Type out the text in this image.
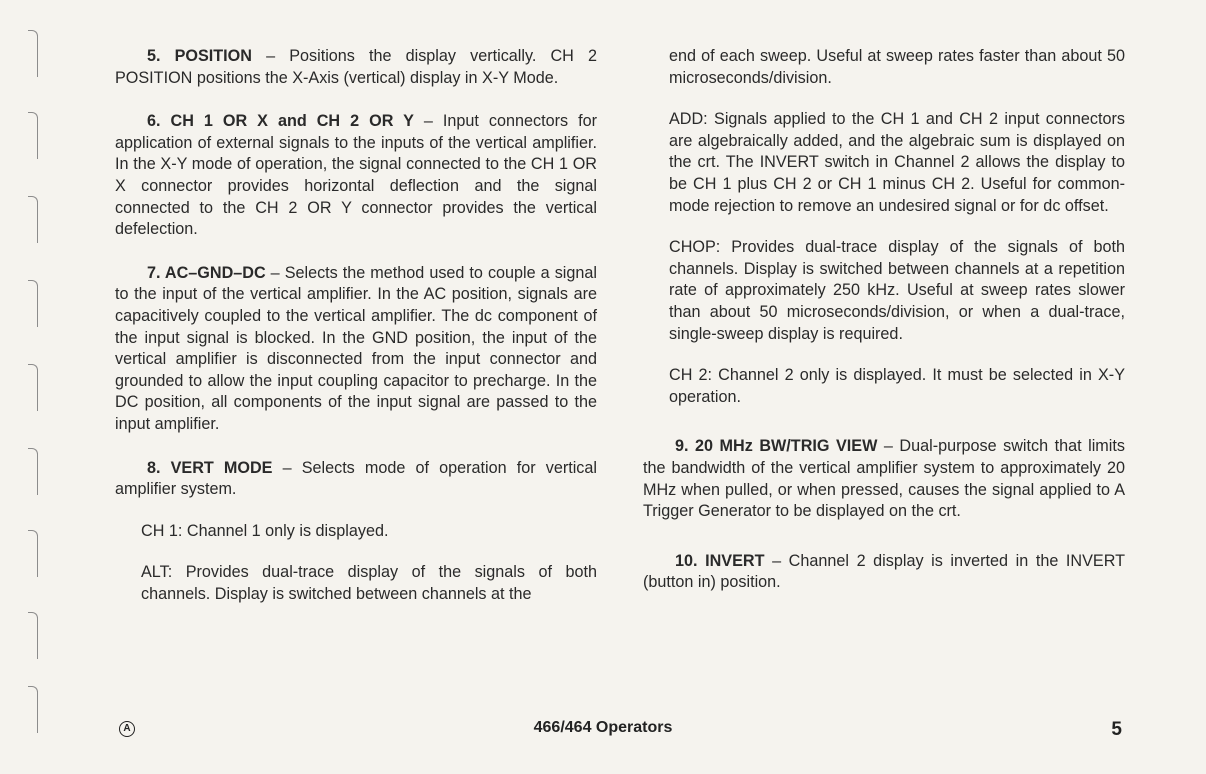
5. POSITION – Positions the display vertically. CH 2 POSITION positions the X-Axis (vertical) display in X-Y Mode.

6. CH 1 OR X and CH 2 OR Y – Input connectors for application of external signals to the inputs of the vertical amplifier. In the X-Y mode of operation, the signal connected to the CH 1 OR X connector provides horizontal deflection and the signal connected to the CH 2 OR Y connector provides the vertical defelection.

7. AC–GND–DC – Selects the method used to couple a signal to the input of the vertical amplifier. In the AC position, signals are capacitively coupled to the vertical amplifier. The dc component of the input signal is blocked. In the GND position, the input of the vertical amplifier is disconnected from the input connector and grounded to allow the input coupling capacitor to precharge. In the DC position, all components of the input signal are passed to the input amplifier.

8. VERT MODE – Selects mode of operation for vertical amplifier system.

CH 1: Channel 1 only is displayed.

ALT: Provides dual-trace display of the signals of both channels. Display is switched between channels at the

end of each sweep. Useful at sweep rates faster than about 50 microseconds/division.

ADD: Signals applied to the CH 1 and CH 2 input connectors are algebraically added, and the algebraic sum is displayed on the crt. The INVERT switch in Channel 2 allows the display to be CH 1 plus CH 2 or CH 1 minus CH 2. Useful for common-mode rejection to remove an undesired signal or for dc offset.

CHOP: Provides dual-trace display of the signals of both channels. Display is switched between channels at a repetition rate of approximately 250 kHz. Useful at sweep rates slower than about 50 microseconds/division, or when a dual-trace, single-sweep display is required.

CH 2: Channel 2 only is displayed. It must be selected in X-Y operation.

9. 20 MHz BW/TRIG VIEW – Dual-purpose switch that limits the bandwidth of the vertical amplifier system to approximately 20 MHz when pulled, or when pressed, causes the signal applied to A Trigger Generator to be displayed on the crt.

10. INVERT – Channel 2 display is inverted in the INVERT (button in) position.

A	466/464 Operators	5
